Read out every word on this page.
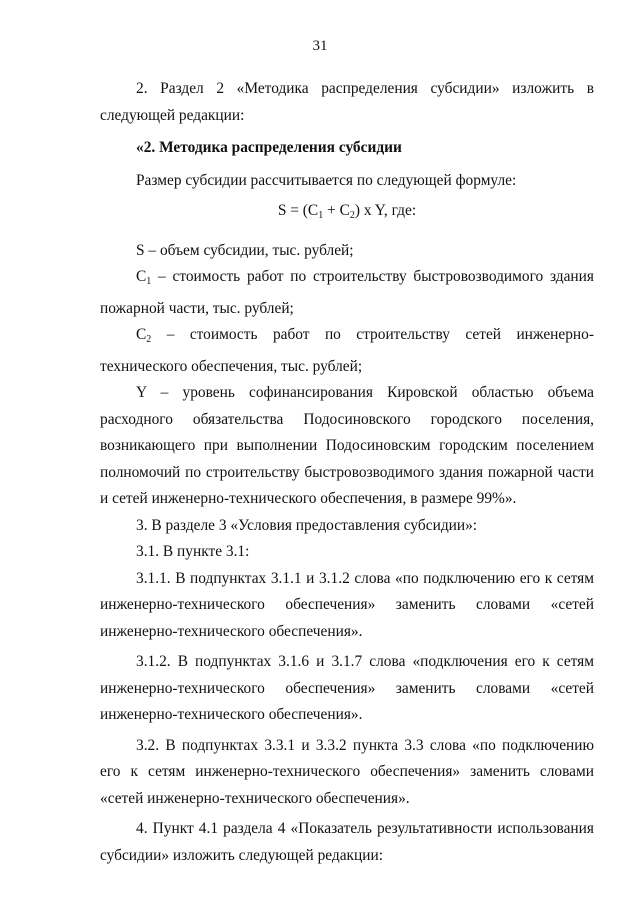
31

2. Раздел 2 «Методика распределения субсидии» изложить в следующей редакции:

«2. Методика распределения субсидии

Размер субсидии рассчитывается по следующей формуле:

$S = (C_1 + C_2)$ x Y, где:

S – объем субсидии, тыс. рублей;

$C_1$ – стоимость работ по строительству быстровозводимого здания пожарной части, тыс. рублей;

$C_2$ – стоимость работ по строительству сетей инженерно-технического обеспечения, тыс. рублей;

Y – уровень софинансирования Кировской областью объема расходного обязательства Подосиновского городского поселения, возникающего при выполнении Подосиновским городским поселением полномочий по строительству быстровозводимого здания пожарной части и сетей инженерно-технического обеспечения, в размере 99%».

3. В разделе 3 «Условия предоставления субсидии»:

3.1. В пункте 3.1:

3.1.1. В подпунктах 3.1.1 и 3.1.2 слова «по подключению его к сетям инженерно-технического обеспечения» заменить словами «сетей инженерно-технического обеспечения».

3.1.2. В подпунктах 3.1.6 и 3.1.7 слова «подключения его к сетям инженерно-технического обеспечения» заменить словами «сетей инженерно-технического обеспечения».

3.2. В подпунктах 3.3.1 и 3.3.2 пункта 3.3 слова «по подключению его к сетям инженерно-технического обеспечения» заменить словами «сетей инженерно-технического обеспечения».

4. Пункт 4.1 раздела 4 «Показатель результативности использования субсидии» изложить следующей редакции:
